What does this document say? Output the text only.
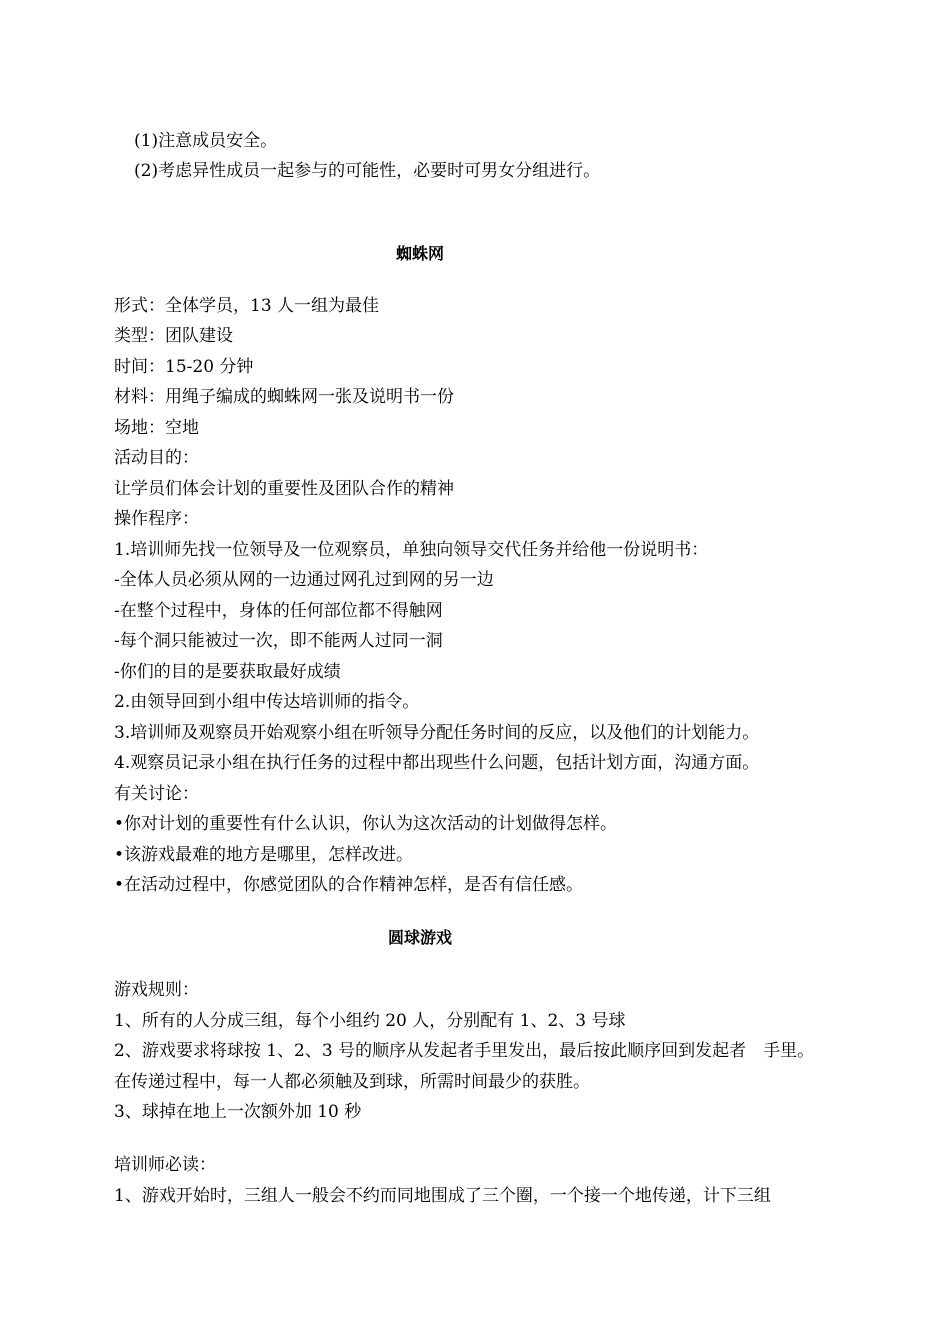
(1)注意成员安全。
(2)考虑异性成员一起参与的可能性，必要时可男女分组进行。
蜘蛛网
形式：全体学员，13 人一组为最佳
类型：团队建设
时间：15-20 分钟
材料：用绳子编成的蜘蛛网一张及说明书一份
场地：空地
活动目的：
让学员们体会计划的重要性及团队合作的精神
操作程序：
1.培训师先找一位领导及一位观察员，单独向领导交代任务并给他一份说明书：
-全体人员必须从网的一边通过网孔过到网的另一边
-在整个过程中，身体的任何部位都不得触网
-每个洞只能被过一次，即不能两人过同一洞
-你们的目的是要获取最好成绩
2.由领导回到小组中传达培训师的指令。
3.培训师及观察员开始观察小组在听领导分配任务时间的反应，以及他们的计划能力。
4.观察员记录小组在执行任务的过程中都出现些什么问题，包括计划方面，沟通方面。
有关讨论：
•你对计划的重要性有什么认识，你认为这次活动的计划做得怎样。
•该游戏最难的地方是哪里，怎样改进。
•在活动过程中，你感觉团队的合作精神怎样，是否有信任感。
圆球游戏
游戏规则：
1、所有的人分成三组，每个小组约 20 人，分别配有 1、2、3 号球
2、游戏要求将球按 1、2、3 号的顺序从发起者手里发出，最后按此顺序回到发起者　手里。
在传递过程中，每一人都必须触及到球，所需时间最少的获胜。
3、球掉在地上一次额外加 10 秒
培训师必读：
1、游戏开始时，三组人一般会不约而同地围成了三个圈，一个接一个地传递，计下三组
